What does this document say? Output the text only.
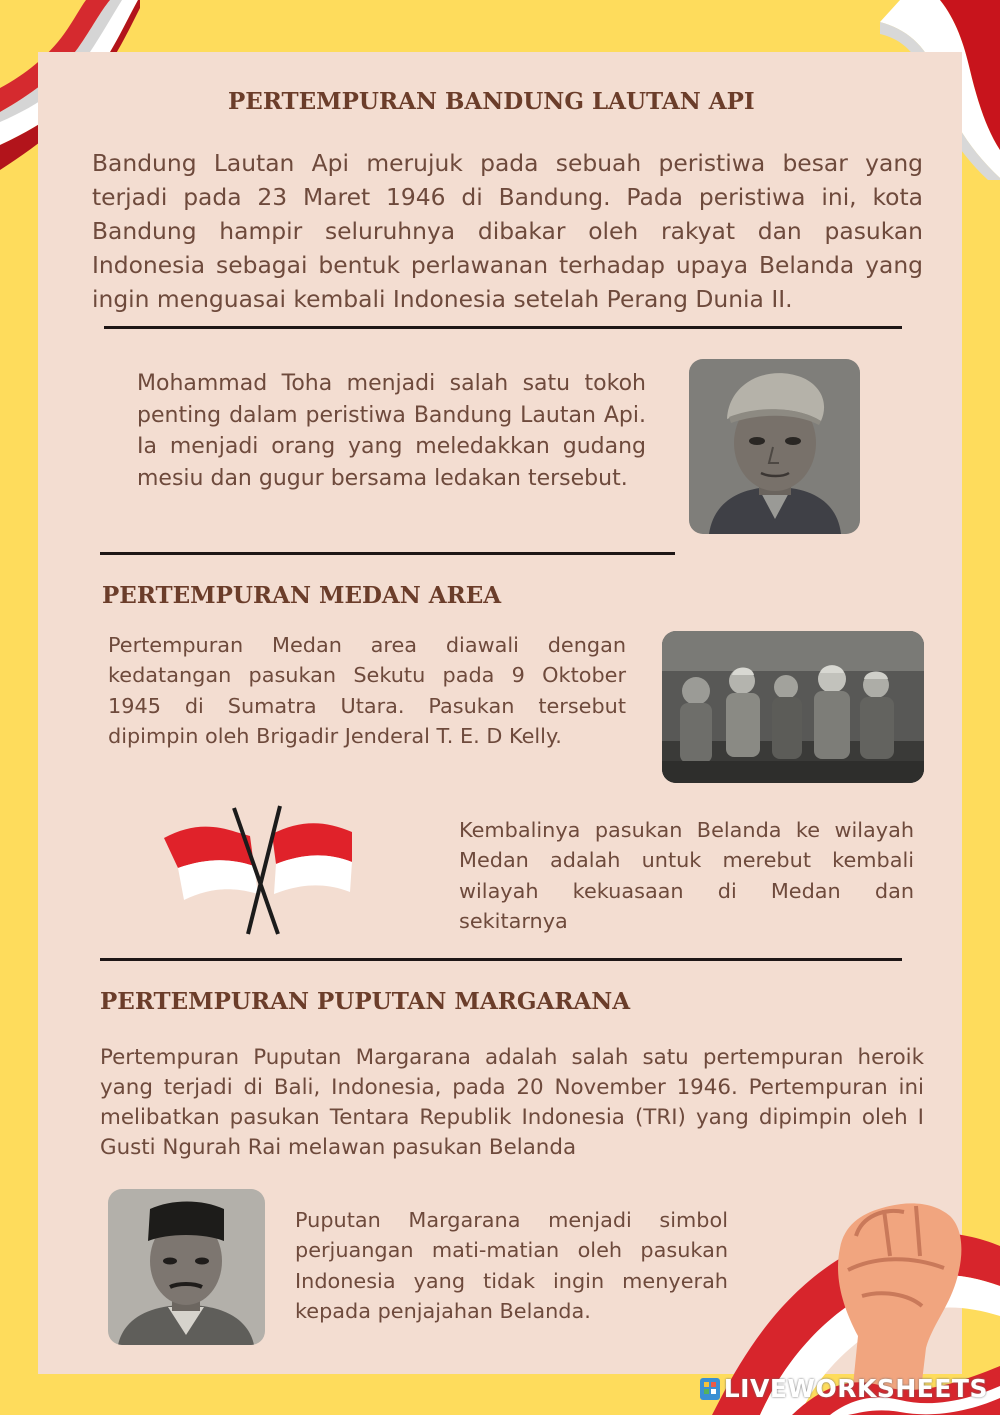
PERTEMPURAN BANDUNG LAUTAN API

Bandung Lautan Api merujuk pada sebuah peristiwa besar yang terjadi pada 23 Maret 1946 di Bandung. Pada peristiwa ini, kota Bandung hampir seluruhnya dibakar oleh rakyat dan pasukan Indonesia sebagai bentuk perlawanan terhadap upaya Belanda yang ingin menguasai kembali Indonesia setelah Perang Dunia II.

Mohammad Toha menjadi salah satu tokoh penting dalam peristiwa Bandung Lautan Api. Ia menjadi orang yang meledakkan gudang mesiu dan gugur bersama ledakan tersebut.

PERTEMPURAN MEDAN AREA

Pertempuran Medan area diawali dengan kedatangan pasukan Sekutu pada 9 Oktober 1945 di Sumatra Utara. Pasukan tersebut dipimpin oleh Brigadir Jenderal T. E. D Kelly.

Kembalinya pasukan Belanda ke wilayah Medan adalah untuk merebut kembali wilayah kekuasaan di Medan dan sekitarnya

PERTEMPURAN PUPUTAN MARGARANA

Pertempuran Puputan Margarana adalah salah satu pertempuran heroik yang terjadi di Bali, Indonesia, pada 20 November 1946. Pertempuran ini melibatkan pasukan Tentara Republik Indonesia (TRI) yang dipimpin oleh I Gusti Ngurah Rai melawan pasukan Belanda

Puputan Margarana menjadi simbol perjuangan mati-matian oleh pasukan Indonesia yang tidak ingin menyerah kepada penjajahan Belanda.

LIVEWORKSHEETS
